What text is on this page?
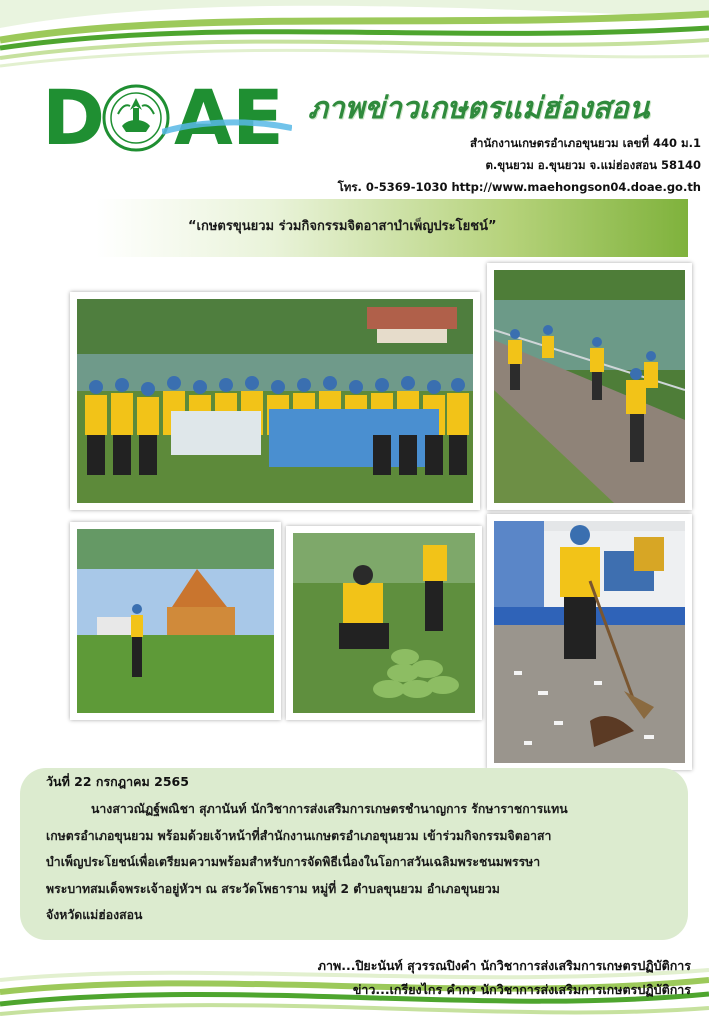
D A E ภาพข่าวเกษตรแม่ฮ่องสอน
สำนักงานเกษตรอำเภอขุนยวม เลขที่ 440 ม.1
ต.ขุนยวม อ.ขุนยวม จ.แม่ฮ่องสอน 58140
โทร. 0-5369-1030 http://www.maehongson04.doae.go.th
“เกษตรขุนยวม ร่วมกิจกรรมจิตอาสาบำเพ็ญประโยชน์”
วันที่ 22 กรกฎาคม 2565

นางสาวณัฏฐ์พณิชา สุภานันท์ นักวิชาการส่งเสริมการเกษตรชำนาญการ รักษาราชการแทน

เกษตรอำเภอขุนยวม พร้อมด้วยเจ้าหน้าที่สำนักงานเกษตรอำเภอขุนยวม เข้าร่วมกิจกรรมจิตอาสา

บำเพ็ญประโยชน์เพื่อเตรียมความพร้อมสำหรับการจัดพิธีเนื่องในโอกาสวันเฉลิมพระชนมพรรษา

พระบาทสมเด็จพระเจ้าอยู่หัวฯ ณ สระวัดโพธาราม หมู่ที่ 2 ตำบลขุนยวม อำเภอขุนยวม

จังหวัดแม่ฮ่องสอน

ภาพ...ปิยะนันท์ สุวรรณปิงคำ นักวิชาการส่งเสริมการเกษตรปฏิบัติการ
ข่าว...เกรียงไกร คำกร นักวิชาการส่งเสริมการเกษตรปฏิบัติการ
